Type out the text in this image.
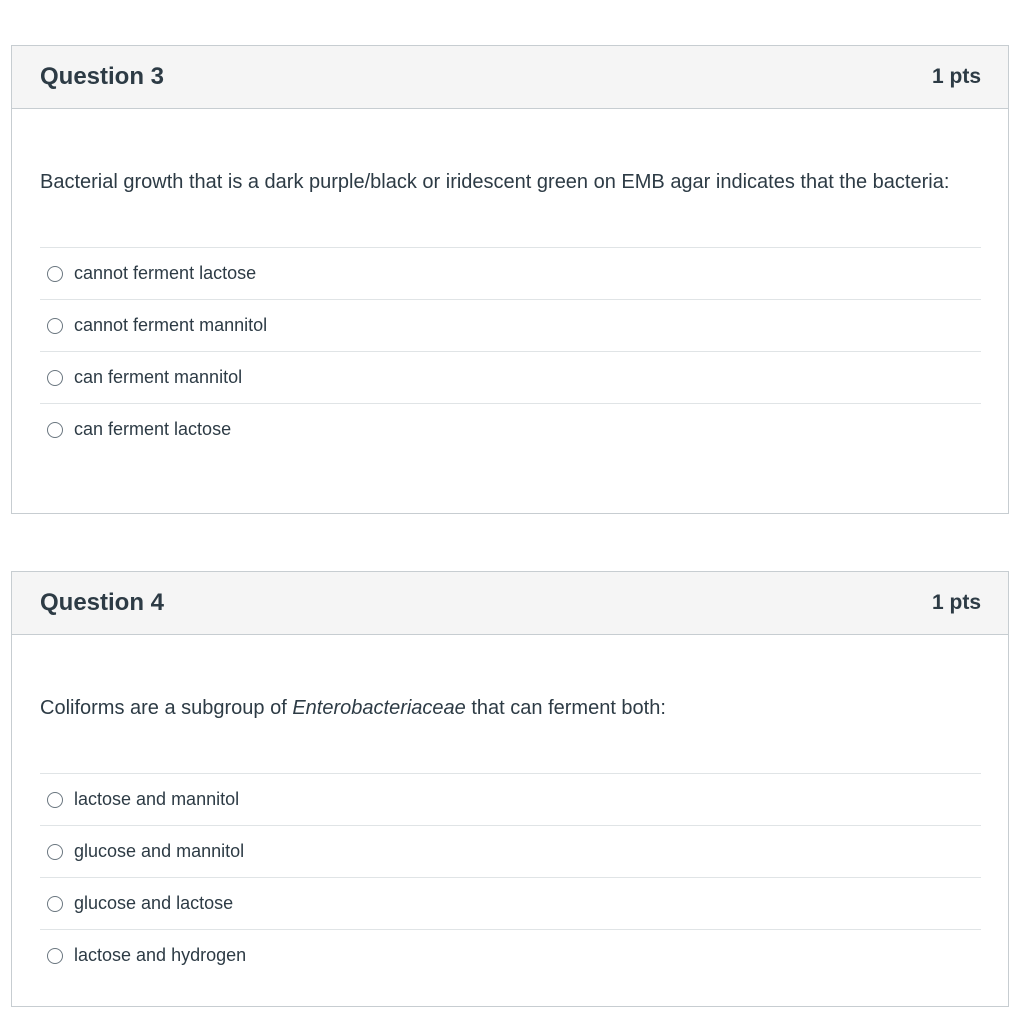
Question 3	1 pts

Bacterial growth that is a dark purple/black or iridescent green on EMB agar indicates that the bacteria:

cannot ferment lactose
cannot ferment mannitol
can ferment mannitol
can ferment lactose
Question 4	1 pts

Coliforms are a subgroup of Enterobacteriaceae that can ferment both:

lactose and mannitol
glucose and mannitol
glucose and lactose
lactose and hydrogen
